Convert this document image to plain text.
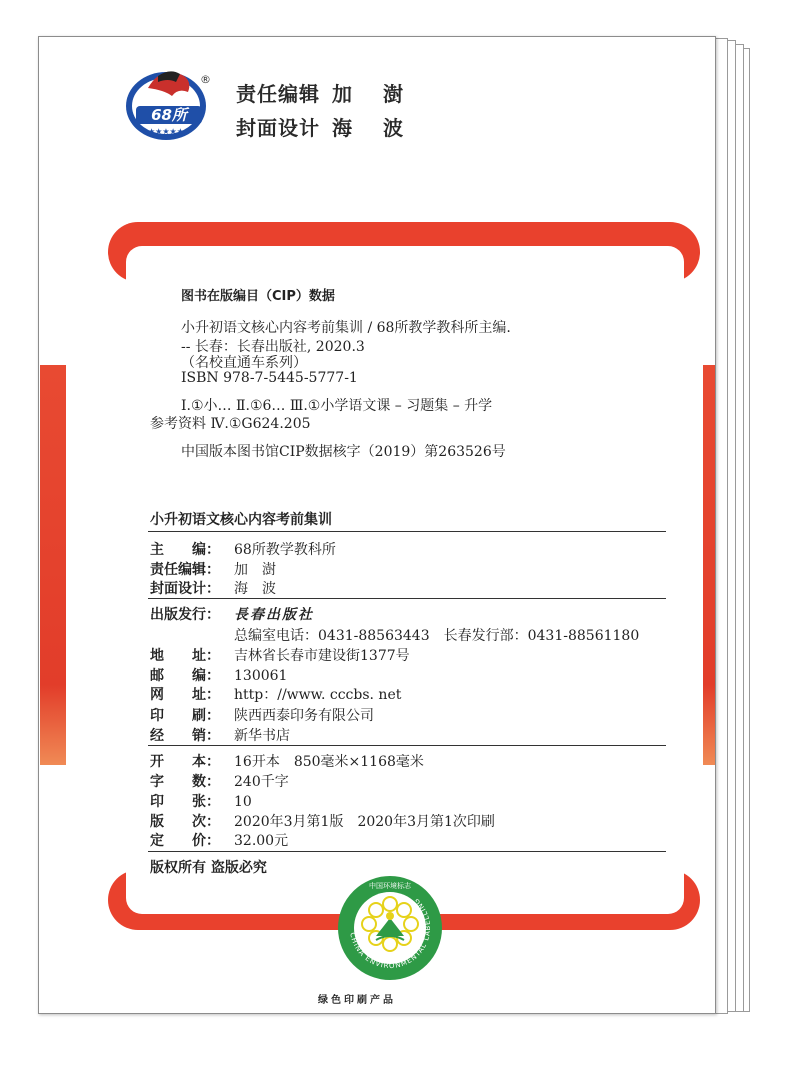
68所
★★★★★
®
责任编辑 加 澍
封面设计 海 波
图书在版编目（CIP）数据
小升初语文核心内容考前集训 / 68所教学教科所主编.
-- 长春：长春出版社, 2020.3
（名校直通车系列）
ISBN 978-7-5445-5777-1
Ⅰ.①小… Ⅱ.①6… Ⅲ.①小学语文课 – 习题集 – 升学
参考资料 Ⅳ.①G624.205
中国版本图书馆CIP数据核字（2019）第263526号
小升初语文核心内容考前集训
主　　编： 68所教学教科所
责任编辑： 加　澍
封面设计： 海　波
出版发行： 長春出版社
总编室电话：0431-88563443　长春发行部：0431-88561180
地　　址： 吉林省长春市建设街1377号
邮　　编： 130061
网　　址： http：//www. cccbs. net
印　　刷： 陕西西泰印务有限公司
经　　销： 新华书店
开　　本： 16开本　850毫米×1168毫米
字　　数： 240千字
印　　张： 10
版　　次： 2020年3月第1版　2020年3月第1次印刷
定　　价： 32.00元
版权所有 盗版必究
CHINA ENVIRONMENTAL LABELLING
中国环境标志
绿色印刷产品
